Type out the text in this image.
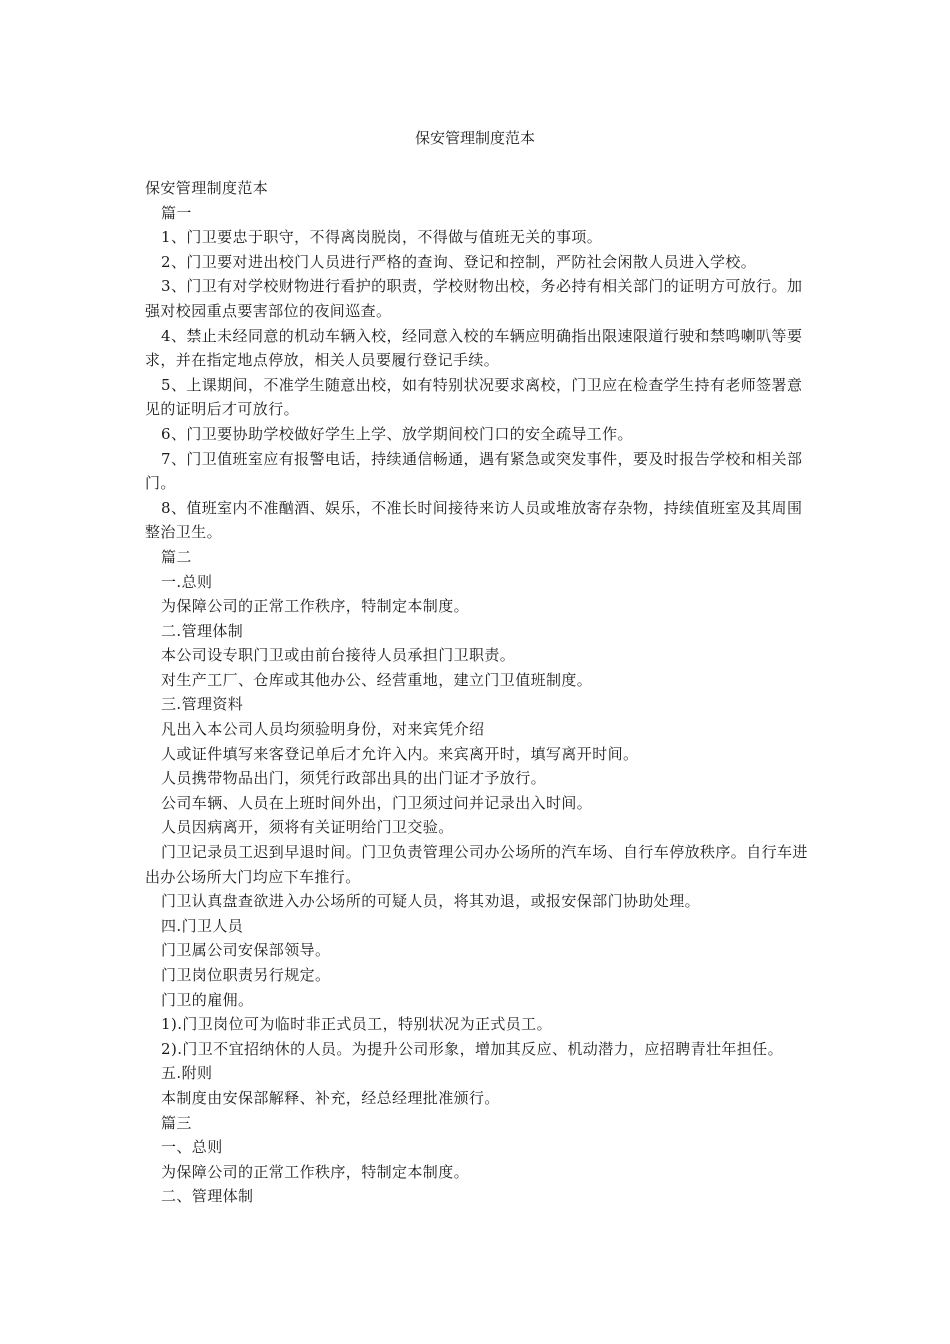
保安管理制度范本

保安管理制度范本

篇一

1、门卫要忠于职守，不得离岗脱岗，不得做与值班无关的事项。

2、门卫要对进出校门人员进行严格的查询、登记和控制，严防社会闲散人员进入学校。

3、门卫有对学校财物进行看护的职责，学校财物出校，务必持有相关部门的证明方可放行。加强对校园重点要害部位的夜间巡查。

4、禁止未经同意的机动车辆入校，经同意入校的车辆应明确指出限速限道行驶和禁鸣喇叭等要求，并在指定地点停放，相关人员要履行登记手续。

5、上课期间，不准学生随意出校，如有特别状况要求离校，门卫应在检查学生持有老师签署意见的证明后才可放行。

6、门卫要协助学校做好学生上学、放学期间校门口的安全疏导工作。

7、门卫值班室应有报警电话，持续通信畅通，遇有紧急或突发事件，要及时报告学校和相关部门。

8、值班室内不准酗酒、娱乐，不准长时间接待来访人员或堆放寄存杂物，持续值班室及其周围整治卫生。

篇二

一.总则

为保障公司的正常工作秩序，特制定本制度。

二.管理体制

本公司设专职门卫或由前台接待人员承担门卫职责。

对生产工厂、仓库或其他办公、经营重地，建立门卫值班制度。

三.管理资料

凡出入本公司人员均须验明身份，对来宾凭介绍

人或证件填写来客登记单后才允许入内。来宾离开时，填写离开时间。

人员携带物品出门，须凭行政部出具的出门证才予放行。

公司车辆、人员在上班时间外出，门卫须过问并记录出入时间。

人员因病离开，须将有关证明给门卫交验。

门卫记录员工迟到早退时间。门卫负责管理公司办公场所的汽车场、自行车停放秩序。自行车进出办公场所大门均应下车推行。

门卫认真盘查欲进入办公场所的可疑人员，将其劝退，或报安保部门协助处理。

四.门卫人员

门卫属公司安保部领导。

门卫岗位职责另行规定。

门卫的雇佣。

1).门卫岗位可为临时非正式员工，特别状况为正式员工。

2).门卫不宜招纳休的人员。为提升公司形象，增加其反应、机动潜力，应招聘青壮年担任。

五.附则

本制度由安保部解释、补充，经总经理批准颁行。

篇三

一、总则

为保障公司的正常工作秩序，特制定本制度。

二、管理体制
